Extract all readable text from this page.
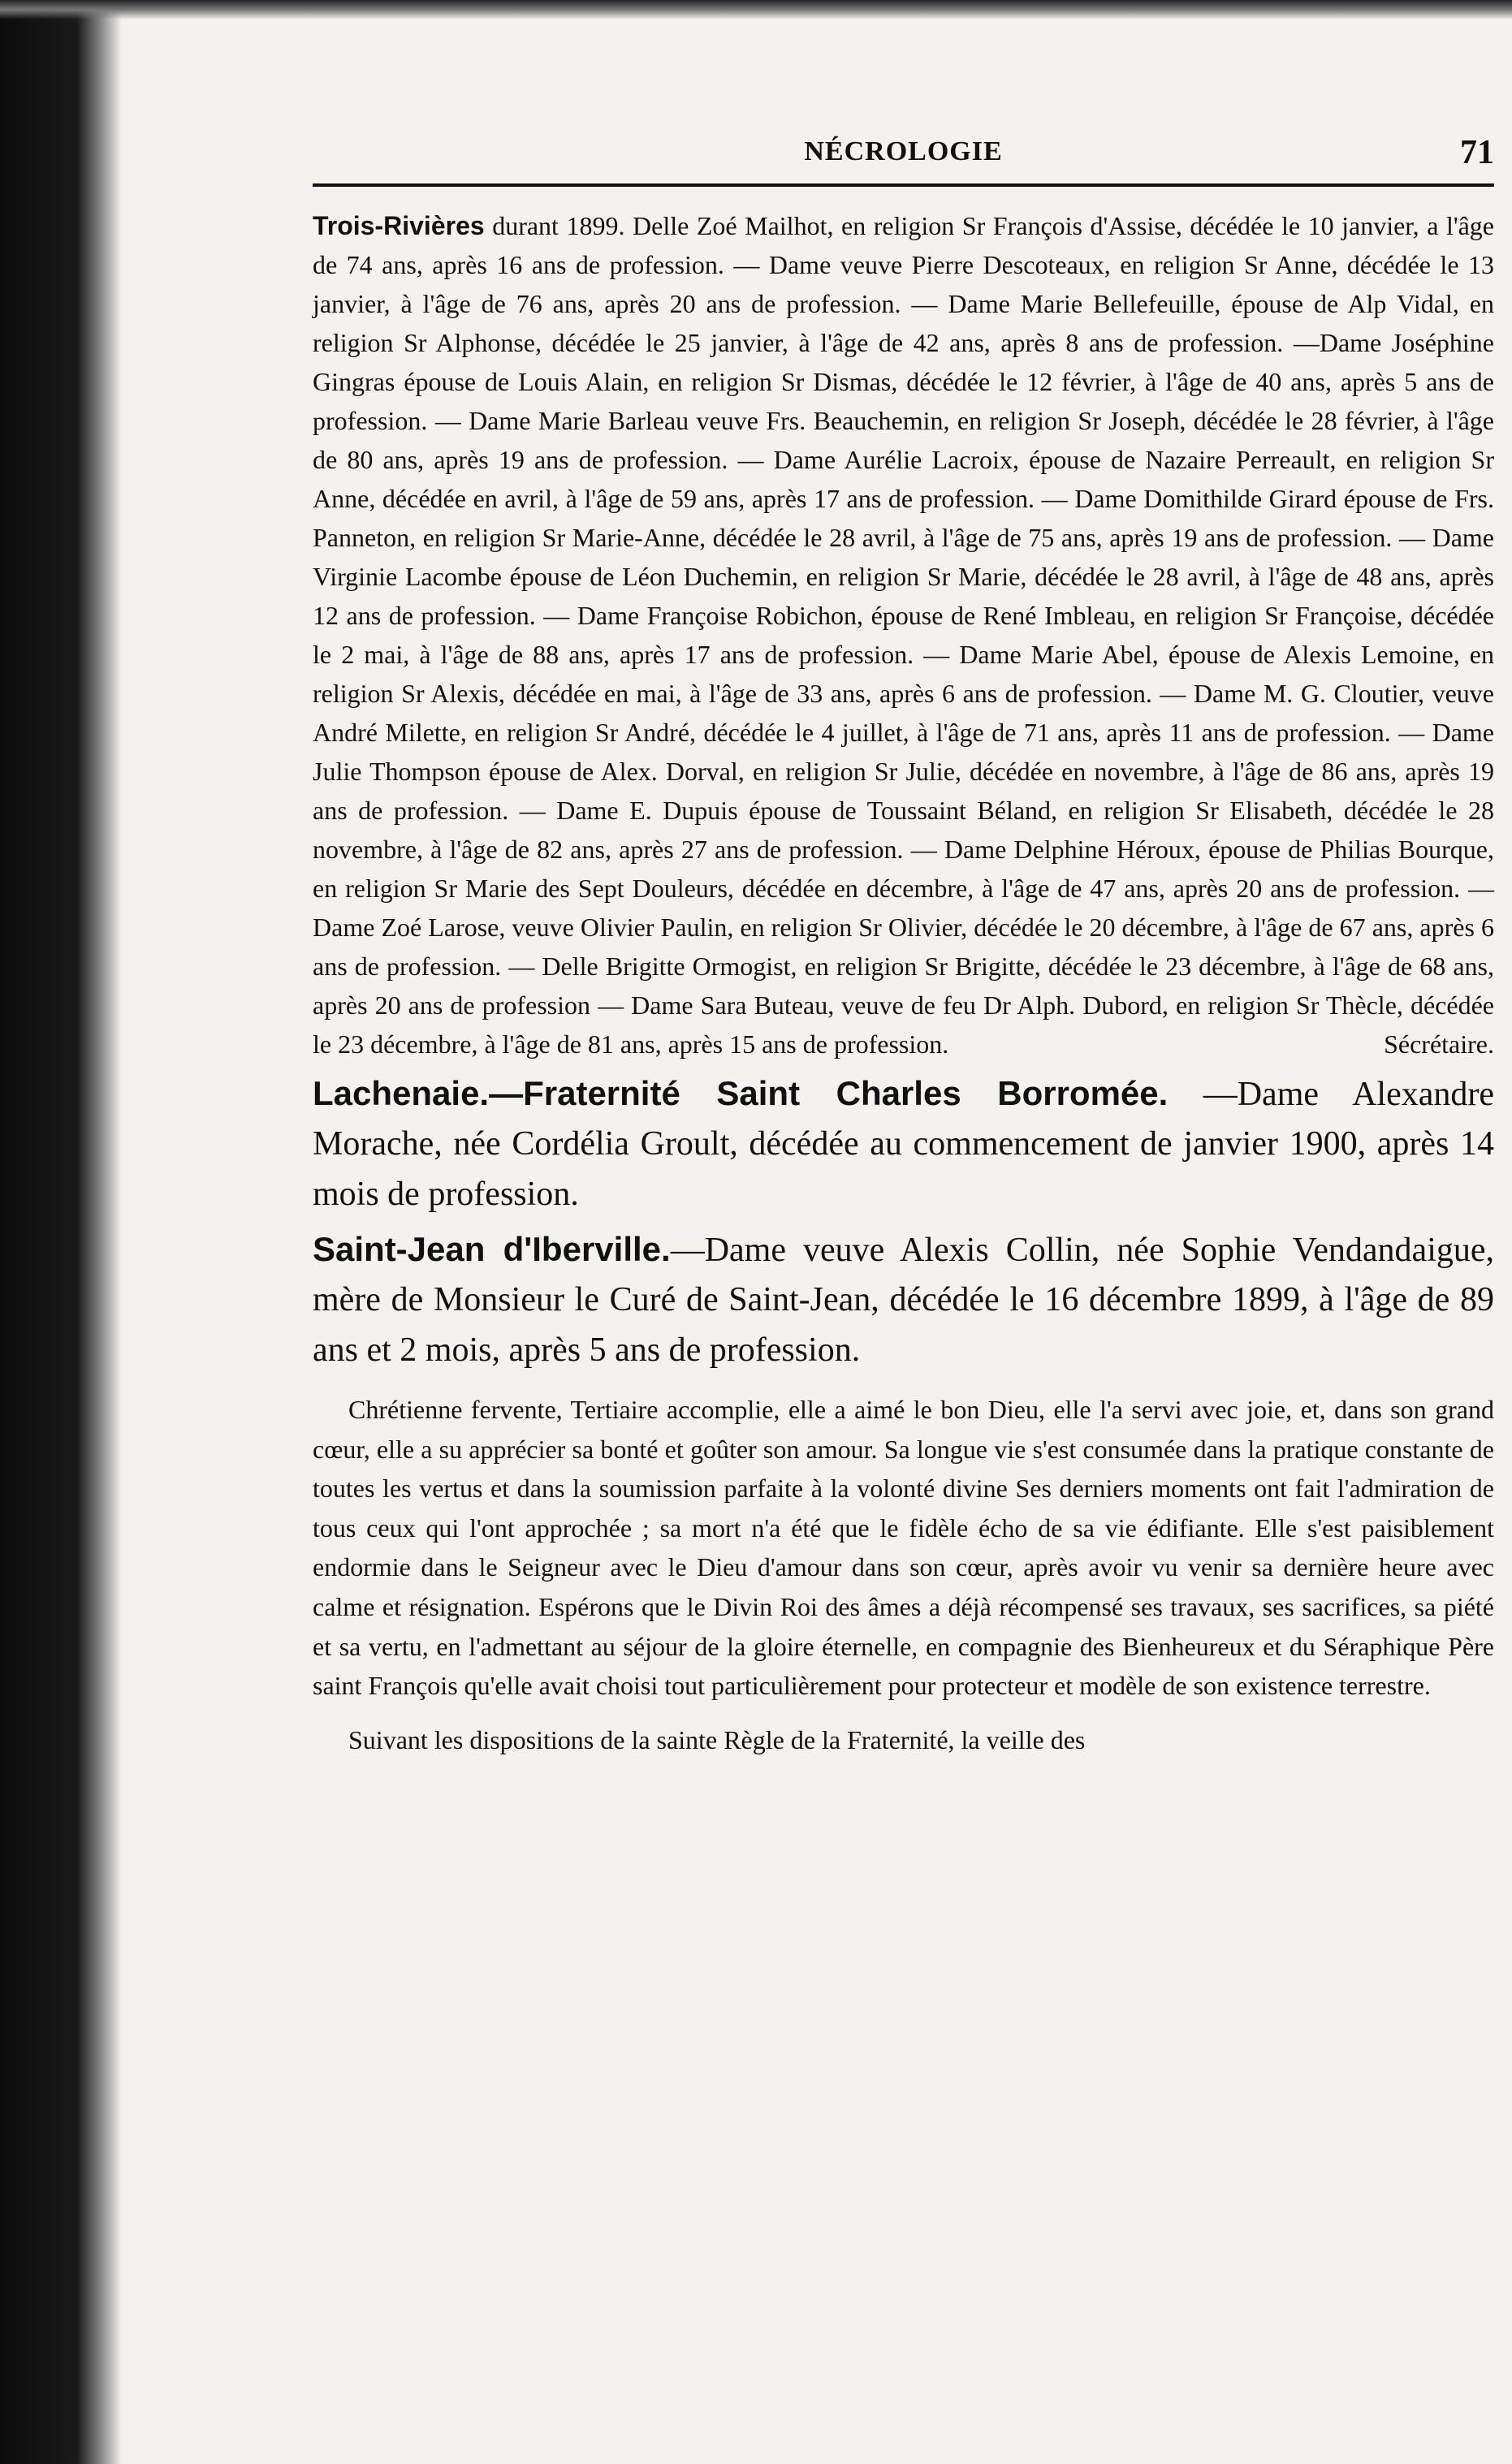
NÉCROLOGIE	71

Trois-Rivières durant 1899. Delle Zoé Mailhot, en religion Sr François d'Assise, décédée le 10 janvier, a l'âge de 74 ans, après 16 ans de profession. — Dame veuve Pierre Descoteaux, en religion Sr Anne, décédée le 13 janvier, à l'âge de 76 ans, après 20 ans de profession. — Dame Marie Bellefeuille, épouse de Alp Vidal, en religion Sr Alphonse, décédée le 25 janvier, à l'âge de 42 ans, après 8 ans de profession. —Dame Joséphine Gingras épouse de Louis Alain, en religion Sr Dismas, décédée le 12 février, à l'âge de 40 ans, après 5 ans de profession. — Dame Marie Barleau veuve Frs. Beauchemin, en religion Sr Joseph, décédée le 28 février, à l'âge de 80 ans, après 19 ans de profession. — Dame Aurélie Lacroix, épouse de Nazaire Perreault, en religion Sr Anne, décédée en avril, à l'âge de 59 ans, après 17 ans de profession. — Dame Domithilde Girard épouse de Frs. Panneton, en religion Sr Marie-Anne, décédée le 28 avril, à l'âge de 75 ans, après 19 ans de profession. — Dame Virginie Lacombe épouse de Léon Duchemin, en religion Sr Marie, décédée le 28 avril, à l'âge de 48 ans, après 12 ans de profession. — Dame Françoise Robichon, épouse de René Imbleau, en religion Sr Françoise, décédée le 2 mai, à l'âge de 88 ans, après 17 ans de profession. — Dame Marie Abel, épouse de Alexis Lemoine, en religion Sr Alexis, décédée en mai, à l'âge de 33 ans, après 6 ans de profession. — Dame M. G. Cloutier, veuve André Milette, en religion Sr André, décédée le 4 juillet, à l'âge de 71 ans, après 11 ans de profession. — Dame Julie Thompson épouse de Alex. Dorval, en religion Sr Julie, décédée en novembre, à l'âge de 86 ans, après 19 ans de profession. — Dame E. Dupuis épouse de Toussaint Béland, en religion Sr Elisabeth, décédée le 28 novembre, à l'âge de 82 ans, après 27 ans de profession. — Dame Delphine Héroux, épouse de Philias Bourque, en religion Sr Marie des Sept Douleurs, décédée en décembre, à l'âge de 47 ans, après 20 ans de profession. — Dame Zoé Larose, veuve Olivier Paulin, en religion Sr Olivier, décédée le 20 décembre, à l'âge de 67 ans, après 6 ans de profession. — Delle Brigitte Ormogist, en religion Sr Brigitte, décédée le 23 décembre, à l'âge de 68 ans, après 20 ans de profession — Dame Sara Buteau, veuve de feu Dr Alph. Dubord, en religion Sr Thècle, décédée le 23 décembre, à l'âge de 81 ans, après 15 ans de profession.	Sécrétaire.

Lachenaie.—Fraternité Saint Charles Borromée. —Dame Alexandre Morache, née Cordélia Groult, décédée au commencement de janvier 1900, après 14 mois de profession.

Saint-Jean d'Iberville.—Dame veuve Alexis Collin, née Sophie Vendandaigue, mère de Monsieur le Curé de Saint-Jean, décédée le 16 décembre 1899, à l'âge de 89 ans et 2 mois, après 5 ans de profession.

Chrétienne fervente, Tertiaire accomplie, elle a aimé le bon Dieu, elle l'a servi avec joie, et, dans son grand cœur, elle a su apprécier sa bonté et goûter son amour. Sa longue vie s'est consumée dans la pratique constante de toutes les vertus et dans la soumission parfaite à la volonté divine Ses derniers moments ont fait l'admiration de tous ceux qui l'ont approchée ; sa mort n'a été que le fidèle écho de sa vie édifiante. Elle s'est paisiblement endormie dans le Seigneur avec le Dieu d'amour dans son cœur, après avoir vu venir sa dernière heure avec calme et résignation. Espérons que le Divin Roi des âmes a déjà récompensé ses travaux, ses sacrifices, sa piété et sa vertu, en l'admettant au séjour de la gloire éternelle, en compagnie des Bienheureux et du Séraphique Père saint François qu'elle avait choisi tout particulièrement pour protecteur et modèle de son existence terrestre.

Suivant les dispositions de la sainte Règle de la Fraternité, la veille des
